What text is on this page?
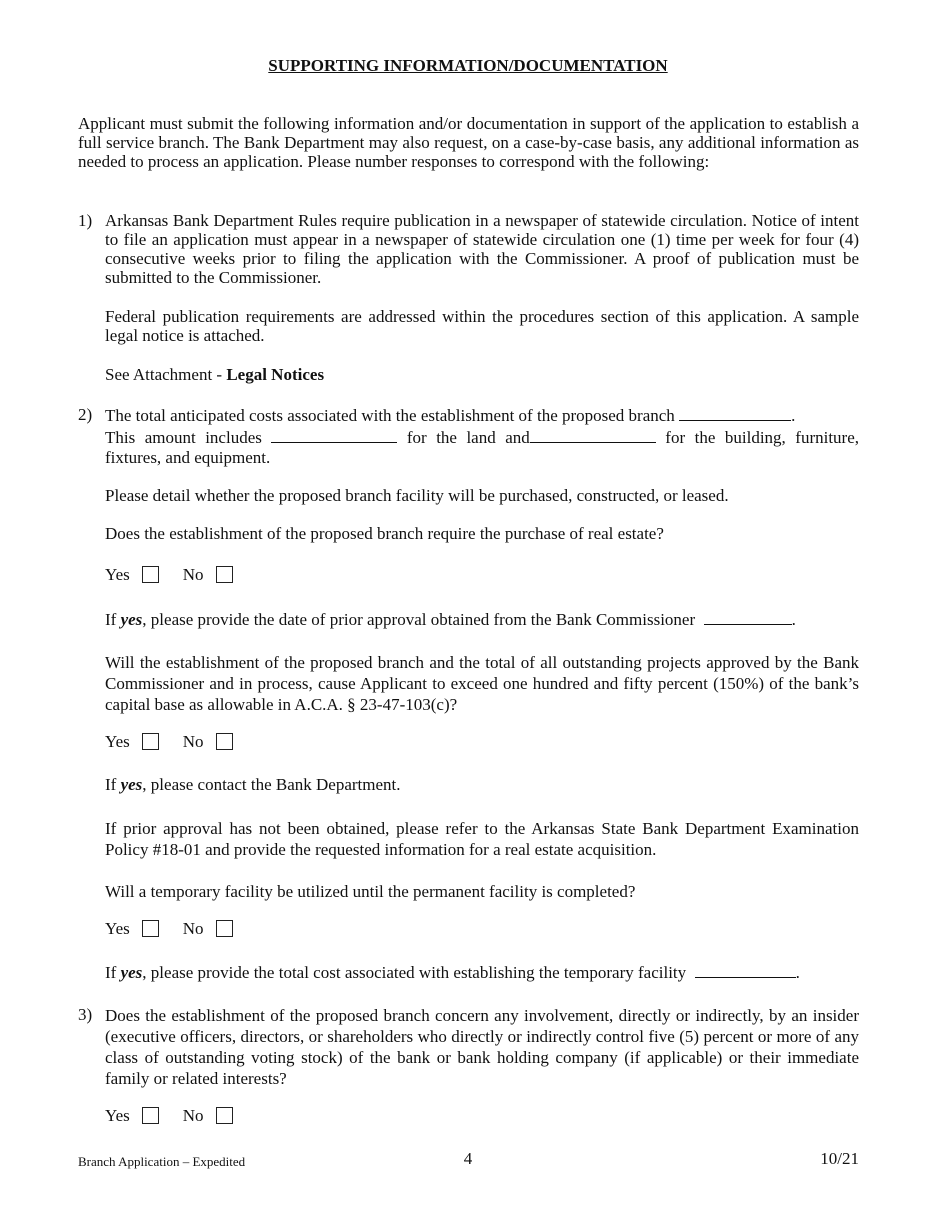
SUPPORTING INFORMATION/DOCUMENTATION
Applicant must submit the following information and/or documentation in support of the application to establish a full service branch. The Bank Department may also request, on a case-by-case basis, any additional information as needed to process an application. Please number responses to correspond with the following:
1) Arkansas Bank Department Rules require publication in a newspaper of statewide circulation. Notice of intent to file an application must appear in a newspaper of statewide circulation one (1) time per week for four (4) consecutive weeks prior to filing the application with the Commissioner. A proof of publication must be submitted to the Commissioner.
Federal publication requirements are addressed within the procedures section of this application. A sample legal notice is attached.
See Attachment - Legal Notices
2) The total anticipated costs associated with the establishment of the proposed branch	.
This amount includes	for the land and	for the building, furniture,
fixtures, and equipment.
Please detail whether the proposed branch facility will be purchased, constructed, or leased.
Does the establishment of the proposed branch require the purchase of real estate?
Yes	No
If yes, please provide the date of prior approval obtained from the Bank Commissioner	.
Will the establishment of the proposed branch and the total of all outstanding projects approved by the Bank Commissioner and in process, cause Applicant to exceed one hundred and fifty percent (150%) of the bank’s capital base as allowable in A.C.A. § 23-47-103(c)?
Yes	No
If yes, please contact the Bank Department.
If prior approval has not been obtained, please refer to the Arkansas State Bank Department Examination Policy #18-01 and provide the requested information for a real estate acquisition.
Will a temporary facility be utilized until the permanent facility is completed?
Yes	No
If yes, please provide the total cost associated with establishing the temporary facility	.
3) Does the establishment of the proposed branch concern any involvement, directly or indirectly, by an insider (executive officers, directors, or shareholders who directly or indirectly control five (5) percent or more of any class of outstanding voting stock) of the bank or bank holding company (if applicable) or their immediate family or related interests?
Yes	No
Branch Application – Expedited	4	10/21
